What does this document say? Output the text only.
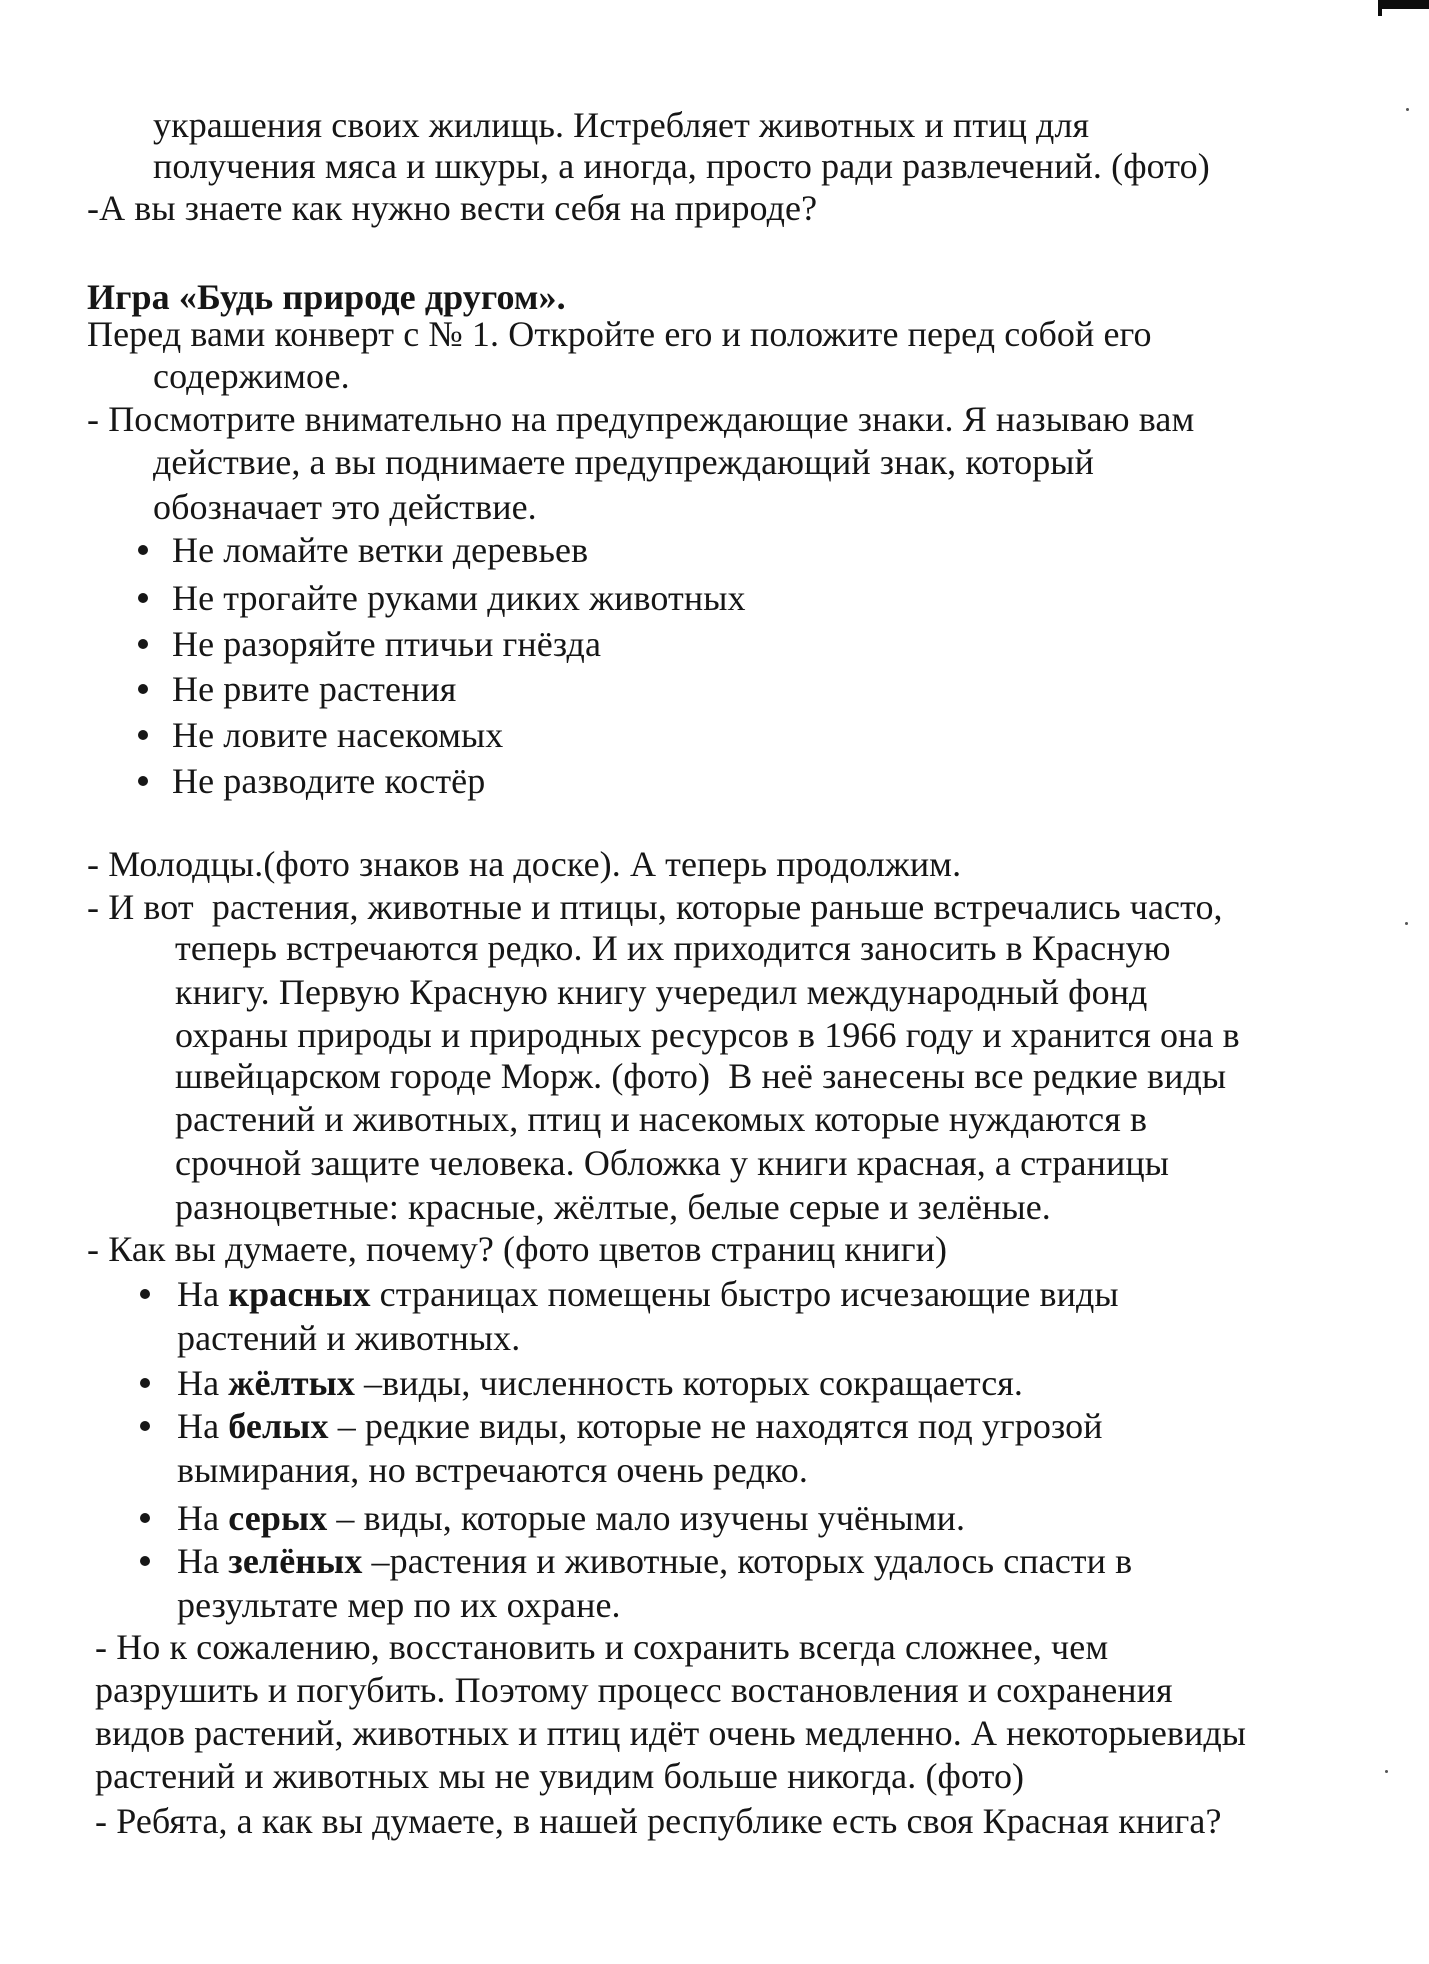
украшения своих жилищь. Истребляет животных и птиц для
получения мяса и шкуры, а иногда, просто ради развлечений. (фото)
-А вы знаете как нужно вести себя на природе?
Игра «Будь природе другом».
Перед вами конверт с № 1. Откройте его и положите перед собой его
содержимое.
- Посмотрите внимательно на предупреждающие знаки. Я называю вам
действие, а вы поднимаете предупреждающий знак, который
обозначает это действие.
Не ломайте ветки деревьев
Не трогайте руками диких животных
Не разоряйте птичьи гнёзда
Не рвите растения
Не ловите насекомых
Не разводите костёр
- Молодцы.(фото знаков на доске). А теперь продолжим.
- И вот  растения, животные и птицы, которые раньше встречались часто,
теперь встречаются редко. И их приходится заносить в Красную
книгу. Первую Красную книгу учередил международный фонд
охраны природы и природных ресурсов в 1966 году и хранится она в
швейцарском городе Морж. (фото)  В неё занесены все редкие виды
растений и животных, птиц и насекомых которые нуждаются в
срочной защите человека. Обложка у книги красная, а страницы
разноцветные: красные, жёлтые, белые серые и зелёные.
- Как вы думаете, почему? (фото цветов страниц книги)
На красных страницах помещены быстро исчезающие виды
растений и животных.
На жёлтых –виды, численность которых сокращается.
На белых – редкие виды, которые не находятся под угрозой
вымирания, но встречаются очень редко.
На серых – виды, которые мало изучены учёными.
На зелёных –растения и животные, которых удалось спасти в
результате мер по их охране.
- Но к сожалению, восстановить и сохранить всегда сложнее, чем
разрушить и погубить. Поэтому процесс востановления и сохранения
видов растений, животных и птиц идёт очень медленно. А некоторыевиды
растений и животных мы не увидим больше никогда. (фото)
- Ребята, а как вы думаете, в нашей республике есть своя Красная книга?
